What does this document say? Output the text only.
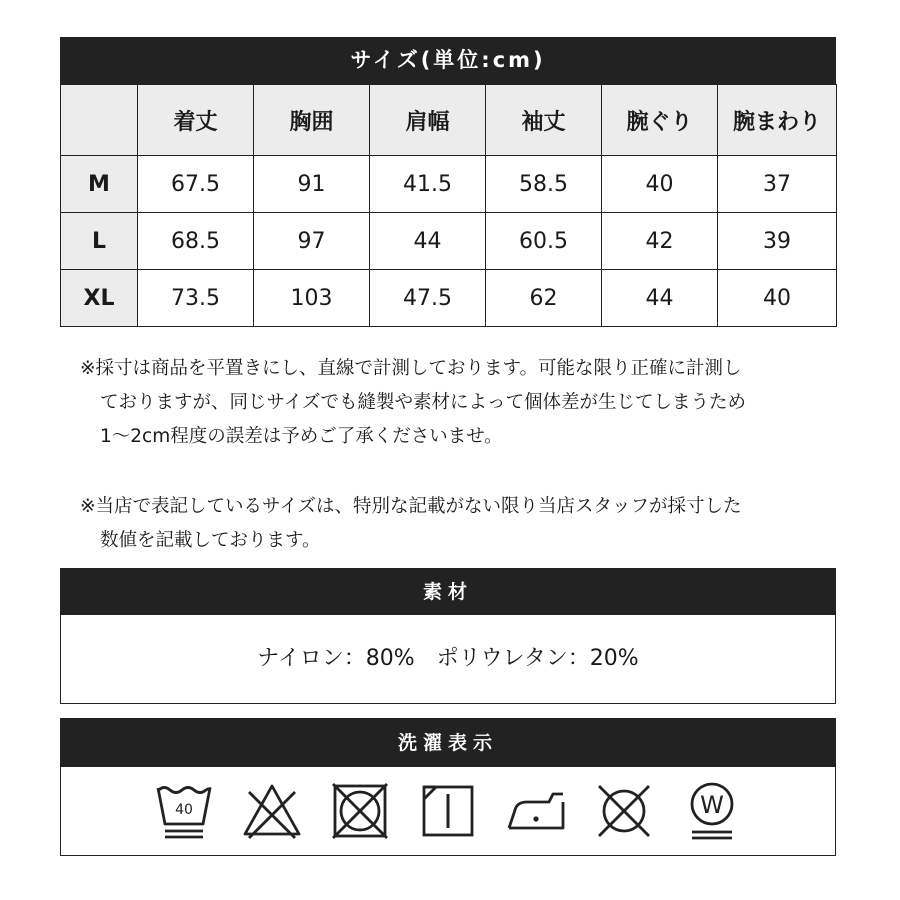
サイズ(単位:cm)
	着丈	胸囲	肩幅	袖丈	腕ぐり	腕まわり
M	67.5	91	41.5	58.5	40	37
L	68.5	97	44	60.5	42	39
XL	73.5	103	47.5	62	44	40
※採寸は商品を平置きにし、直線で計測しております。可能な限り正確に計測し
ておりますが、同じサイズでも縫製や素材によって個体差が生じてしまうため
1～2cm程度の誤差は予めご了承くださいませ。
※当店で表記しているサイズは、特別な記載がない限り当店スタッフが採寸した
数値を記載しております。
素材
ナイロン：80%　ポリウレタン：20%
洗濯表示
40	W
